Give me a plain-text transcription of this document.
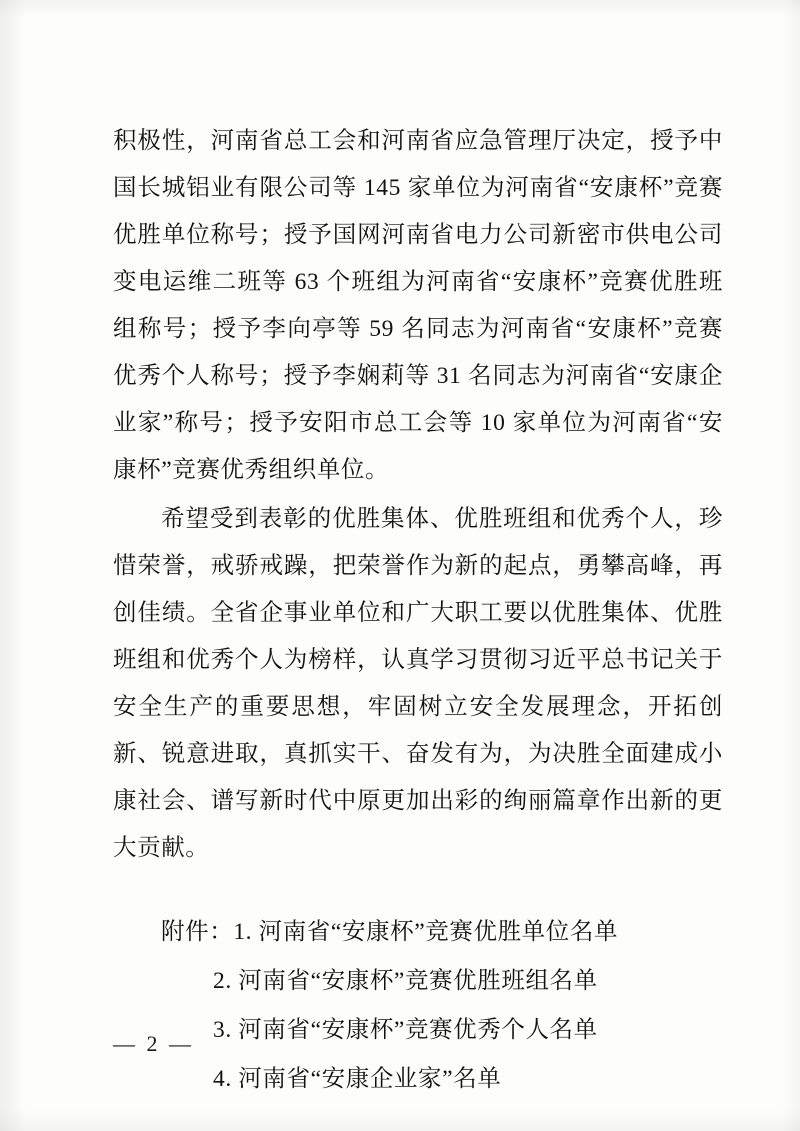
积极性，河南省总工会和河南省应急管理厅决定，授予中国长城铝业有限公司等 145 家单位为河南省“安康杯”竞赛优胜单位称号；授予国网河南省电力公司新密市供电公司变电运维二班等 63 个班组为河南省“安康杯”竞赛优胜班组称号；授予李向亭等 59 名同志为河南省“安康杯”竞赛优秀个人称号；授予李娴莉等 31 名同志为河南省“安康企业家”称号；授予安阳市总工会等 10 家单位为河南省“安康杯”竞赛优秀组织单位。

希望受到表彰的优胜集体、优胜班组和优秀个人，珍惜荣誉，戒骄戒躁，把荣誉作为新的起点，勇攀高峰，再创佳绩。全省企事业单位和广大职工要以优胜集体、优胜班组和优秀个人为榜样，认真学习贯彻习近平总书记关于安全生产的重要思想，牢固树立安全发展理念，开拓创新、锐意进取，真抓实干、奋发有为，为决胜全面建成小康社会、谱写新时代中原更加出彩的绚丽篇章作出新的更大贡献。

附件：1. 河南省“安康杯”竞赛优胜单位名单
2. 河南省“安康杯”竞赛优胜班组名单
3. 河南省“安康杯”竞赛优秀个人名单
4. 河南省“安康企业家”名单
— 2 —
